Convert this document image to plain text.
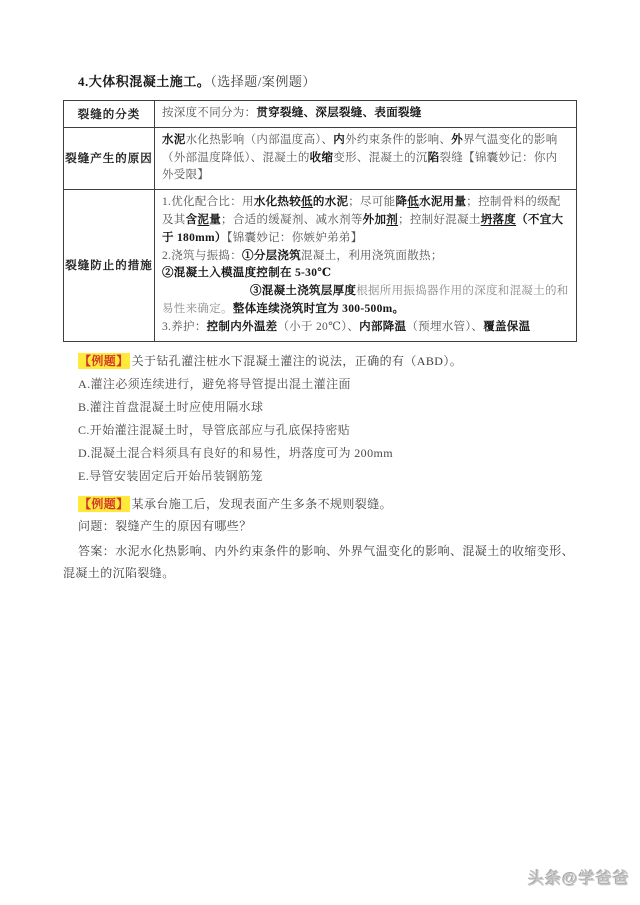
4.大体积混凝土施工。（选择题/案例题）

裂缝的分类	按深度不同分为：贯穿裂缝、深层裂缝、表面裂缝

裂缝产生的原因	水泥水化热影响（内部温度高）、内外约束条件的影响、外界气温变化的影响（外部温度降低）、混凝土的收缩变形、混凝土的沉陷裂缝【锦囊妙记：你内外受限】

裂缝防止的措施	1.优化配合比：用水化热较低的水泥；尽可能降低水泥用量；控制骨料的级配及其含泥量；合适的缓凝剂、减水剂等外加剂；控制好混凝土坍落度（不宜大于 180mm）【锦囊妙记：你嫉妒弟弟】

2.浇筑与振捣：①分层浇筑混凝土，利用浇筑面散热；

②混凝土入模温度控制在 5-30℃

③混凝土浇筑层厚度根据所用振捣器作用的深度和混凝土的和易性来确定。整体连续浇筑时宜为 300-500m。

3.养护：控制内外温差（小于 20℃）、内部降温（预埋水管）、覆盖保温

【例题】 关于钻孔灌注桩水下混凝土灌注的说法，正确的有（ABD）。

A.灌注必须连续进行，避免将导管提出混土灌注面

B.灌注首盘混凝土时应使用隔水球

C.开始灌注混凝土时，导管底部应与孔底保持密贴

D.混凝土混合料须具有良好的和易性，坍落度可为 200mm

E.导管安装固定后开始吊装钢筋笼

【例题】 某承台施工后，发现表面产生多条不规则裂缝。

问题：裂缝产生的原因有哪些？

答案：水泥水化热影响、内外约束条件的影响、外界气温变化的影响、混凝土的收缩变形、混凝土的沉陷裂缝。

头条@学爸爸
